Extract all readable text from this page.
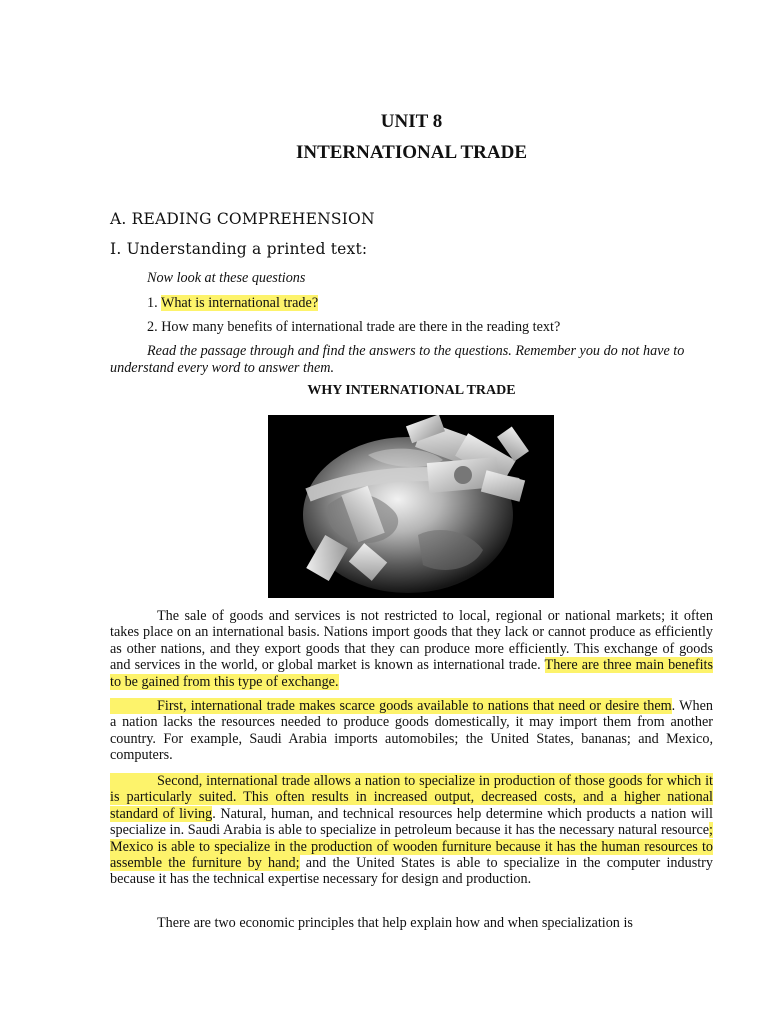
UNIT 8
INTERNATIONAL TRADE
A. READING COMPREHENSION
I. Understanding a printed text:
Now look at these questions
1. What is international trade?
2. How many benefits of international trade are there in the reading text?
Read the passage through and find the answers to the questions. Remember you do not have to understand every word to answer them.
WHY INTERNATIONAL TRADE
The sale of goods and services is not restricted to local, regional or national markets; it often takes place on an international basis. Nations import goods that they lack or cannot produce as efficiently as other nations, and they export goods that they can produce more efficiently. This exchange of goods and services in the world, or global market is known as international trade. There are three main benefits to be gained from this type of exchange.
First, international trade makes scarce goods available to nations that need or desire them. When a nation lacks the resources needed to produce goods domestically, it may import them from another country. For example, Saudi Arabia imports automobiles; the United States, bananas; and Mexico, computers.
Second, international trade allows a nation to specialize in production of those goods for which it is particularly suited. This often results in increased output, decreased costs, and a higher national standard of living. Natural, human, and technical resources help determine which products a nation will specialize in. Saudi Arabia is able to specialize in petroleum because it has the necessary natural resource; Mexico is able to specialize in the production of wooden furniture because it has the human resources to assemble the furniture by hand; and the United States is able to specialize in the computer industry because it has the technical expertise necessary for design and production.
There are two economic principles that help explain how and when specialization is
